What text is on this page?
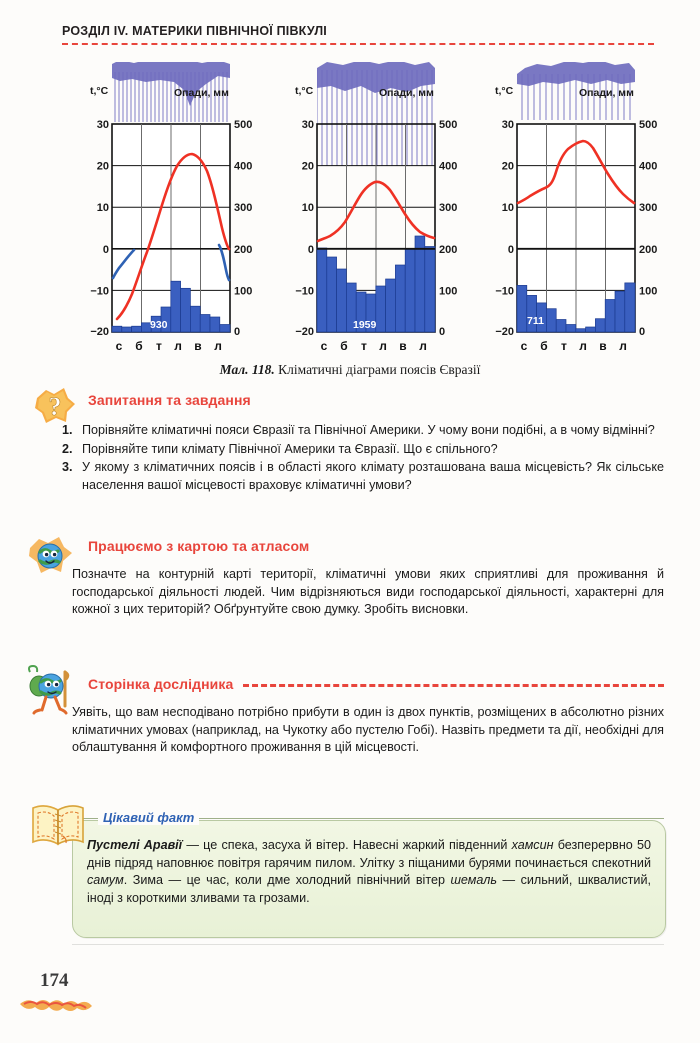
РОЗДІЛ IV. МАТЕРИКИ ПІВНІЧНОЇ ПІВКУЛІ
t,°C	Опади, мм
930
30
20
10
0
−10
−20
500
400
300
200
100
0
с б т л в л
t,°C	Опади, мм
1959
30
20
10
0
−10
−20
500
400
300
200
100
0
с б т л в л
t,°C	Опади, мм
711
30
20
10
0
−10
−20
500
400
300
200
100
0
с б т л в л
Мал. 118. Кліматичні діаграми поясів Євразії
? Запитання та завдання
1. Порівняйте кліматичні пояси Євразії та Північної Америки. У чому вони подібні, а в чому відмінні?
2. Порівняйте типи клімату Північної Америки та Євразії. Що є спільного?
3. У якому з кліматичних поясів і в області якого клімату розташована ваша місцевість? Як сільське населення вашої місцевості враховує кліматичні умови?
Працюємо з картою та атласом
Позначте на контурній карті території, кліматичні умови яких сприятливі для проживання й господарської діяльності людей. Чим відрізняються види господарської діяльності, характерні для кожної з цих територій? Обґрунтуйте свою думку. Зробіть висновки.
Сторінка дослідника
Уявіть, що вам несподівано потрібно прибути в один із двох пунктів, розміщених в абсолютно різних кліматичних умовах (наприклад, на Чукотку або пустелю Гобі). Назвіть предмети та дії, необхідні для облаштування й комфортного проживання в цій місцевості.
Цікавий факт
Пустелі Аравії — це спека, засуха й вітер. Навесні жаркий південний хамсин безперервно 50 днів підряд наповнює повітря гарячим пилом. Улітку з піщаними бурями починається спекотний самум. Зима — це час, коли дме холодний північний вітер шемаль — сильний, шквалистий, іноді з короткими зливами та грозами.
174
